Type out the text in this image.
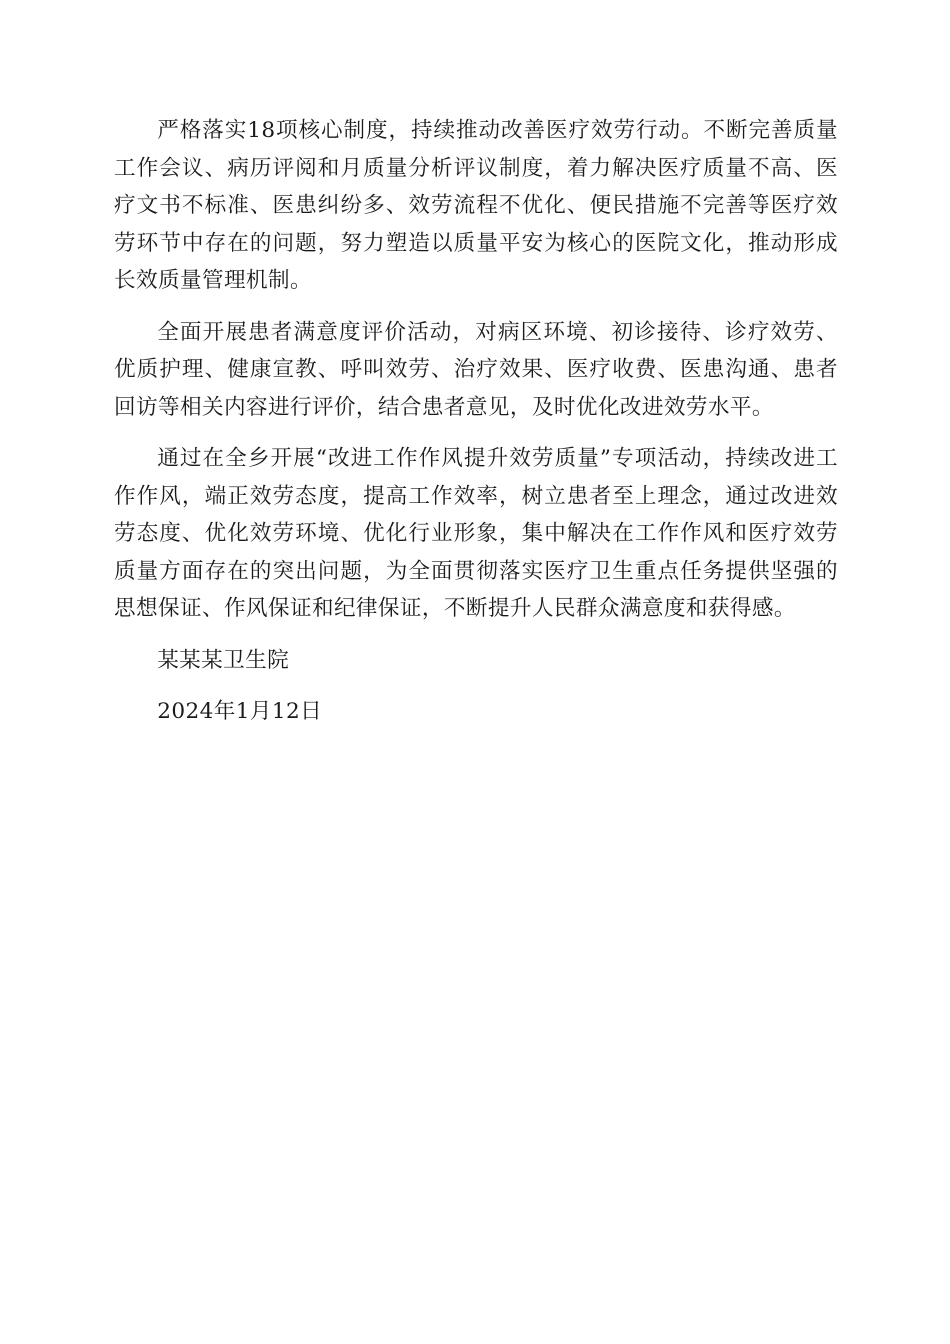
严格落实18项核心制度，持续推动改善医疗效劳行动。不断完善质量工作会议、病历评阅和月质量分析评议制度，着力解决医疗质量不高、医疗文书不标准、医患纠纷多、效劳流程不优化、便民措施不完善等医疗效劳环节中存在的问题，努力塑造以质量平安为核心的医院文化，推动形成长效质量管理机制。

全面开展患者满意度评价活动，对病区环境、初诊接待、诊疗效劳、优质护理、健康宣教、呼叫效劳、治疗效果、医疗收费、医患沟通、患者回访等相关内容进行评价，结合患者意见，及时优化改进效劳水平。

通过在全乡开展“改进工作作风提升效劳质量”专项活动，持续改进工作作风，端正效劳态度，提高工作效率，树立患者至上理念，通过改进效劳态度、优化效劳环境、优化行业形象，集中解决在工作作风和医疗效劳质量方面存在的突出问题，为全面贯彻落实医疗卫生重点任务提供坚强的思想保证、作风保证和纪律保证，不断提升人民群众满意度和获得感。

某某某卫生院

2024年1月12日
